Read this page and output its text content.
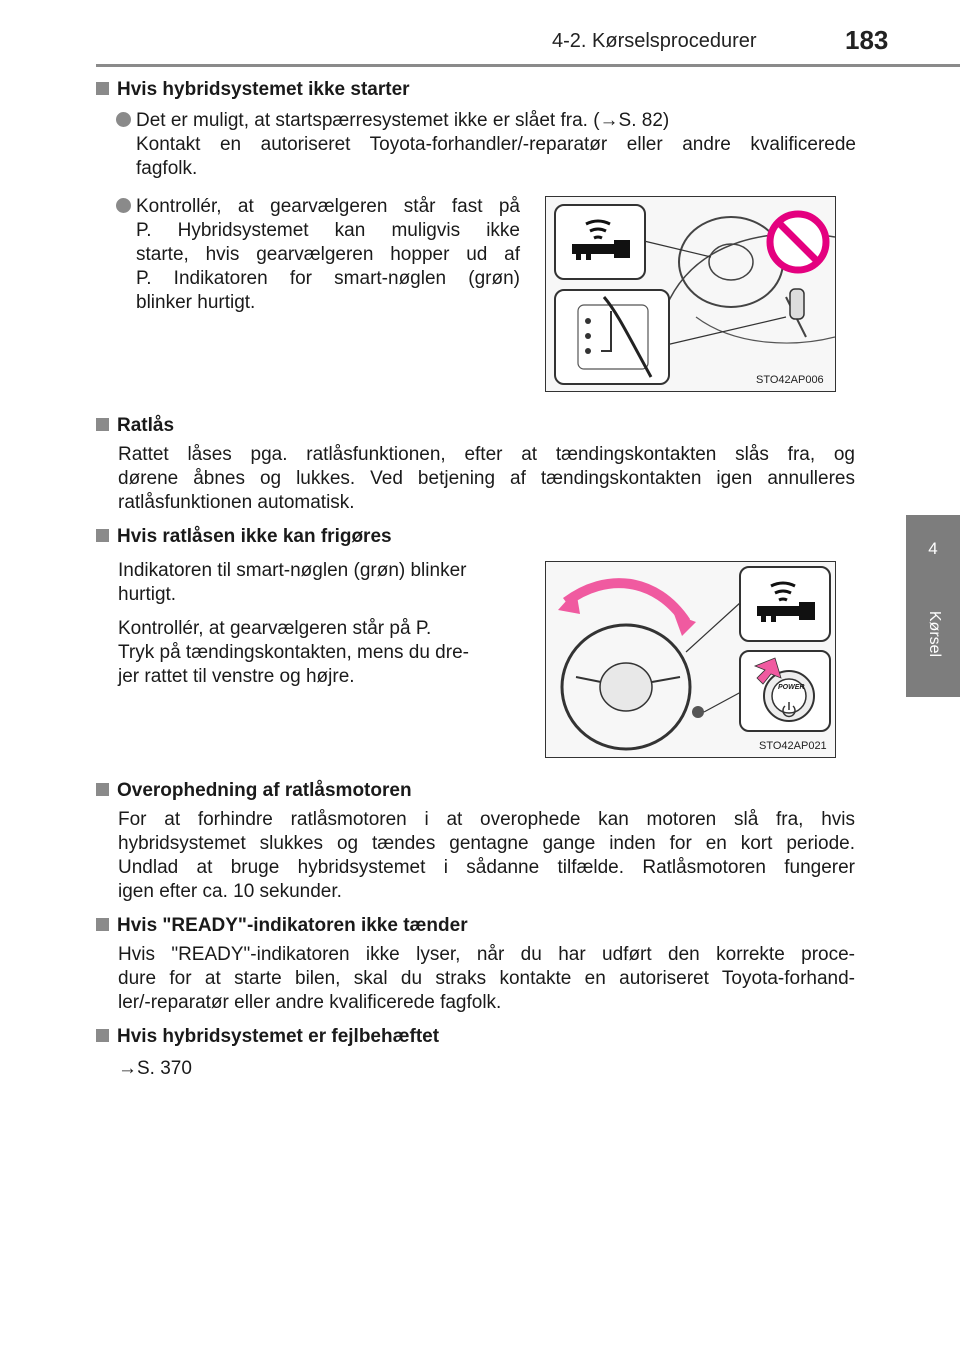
4-2. Kørselsprocedurer	183
4
Kørsel
Hvis hybridsystemet ikke starter
Det er muligt, at startspærresystemet ikke er slået fra. (→S. 82)
Kontakt en autoriseret Toyota-forhandler/-reparatør eller andre kvalificerede
fagfolk.
Kontrollér, at gearvælgeren står fast på
P. Hybridsystemet kan muligvis ikke
starte, hvis gearvælgeren hopper ud af
P. Indikatoren for smart-nøglen (grøn)
blinker hurtigt.
STO42AP006
Ratlås
Rattet låses pga. ratlåsfunktionen, efter at tændingskontakten slås fra, og
dørene åbnes og lukkes. Ved betjening af tændingskontakten igen annulleres
ratlåsfunktionen automatisk.
Hvis ratlåsen ikke kan frigøres
Indikatoren til smart-nøglen (grøn) blinker
hurtigt.
Kontrollér, at gearvælgeren står på P.
Tryk på tændingskontakten, mens du dre-
jer rattet til venstre og højre.
POWER
STO42AP021
Overophedning af ratlåsmotoren
For at forhindre ratlåsmotoren i at overophede kan motoren slå fra, hvis
hybridsystemet slukkes og tændes gentagne gange inden for en kort periode.
Undlad at bruge hybridsystemet i sådanne tilfælde. Ratlåsmotoren fungerer
igen efter ca. 10 sekunder.
Hvis "READY"-indikatoren ikke tænder
Hvis "READY"-indikatoren ikke lyser, når du har udført den korrekte proce-
dure for at starte bilen, skal du straks kontakte en autoriseret Toyota-forhand-
ler/-reparatør eller andre kvalificerede fagfolk.
Hvis hybridsystemet er fejlbehæftet
→S. 370
